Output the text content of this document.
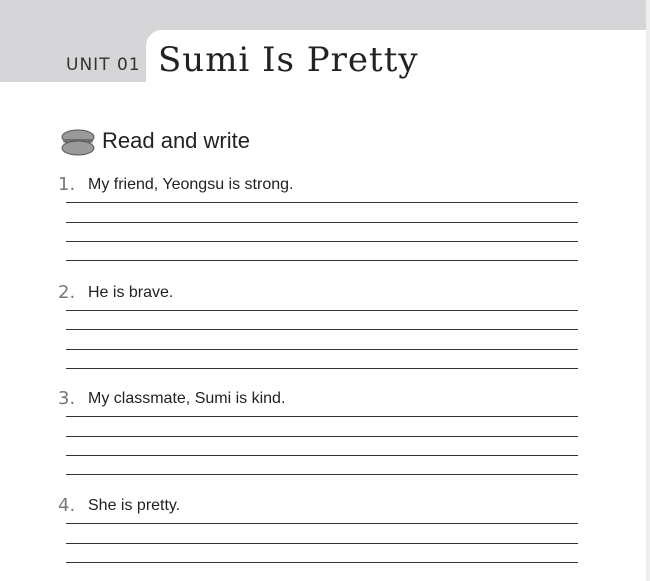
UNIT 01 Sumi Is Pretty
Read and write
1. My friend, Yeongsu is strong.
2. He is brave.
3. My classmate, Sumi is kind.
4. She is pretty.
